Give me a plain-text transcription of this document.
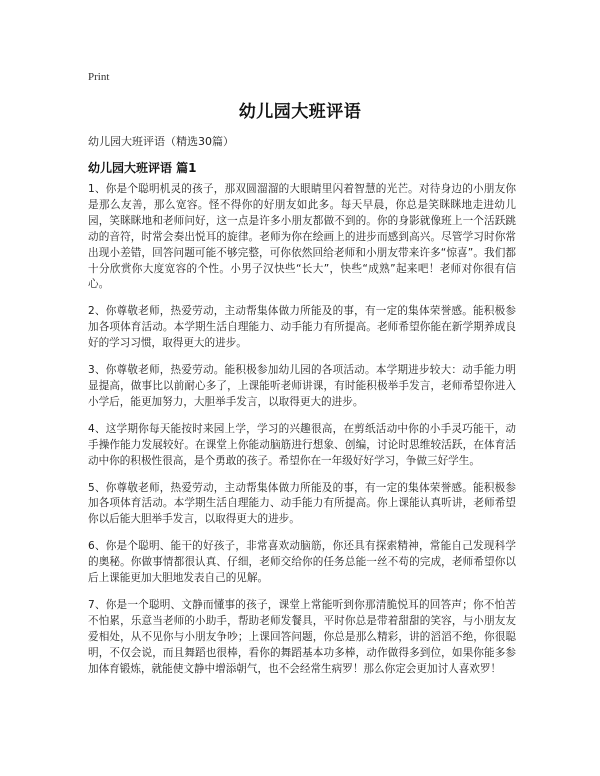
Print
幼儿园大班评语
幼儿园大班评语（精选30篇）
幼儿园大班评语 篇1

1、你是个聪明机灵的孩子，那双圆溜溜的大眼睛里闪着智慧的光芒。对待身边的小朋友你是那么友善，那么宽容。怪不得你的好朋友如此多。每天早晨，你总是笑眯眯地走进幼儿园，笑眯眯地和老师问好，这一点是许多小朋友都做不到的。你的身影就像班上一个活跃跳动的音符，时常会奏出悦耳的旋律。老师为你在绘画上的进步而感到高兴。尽管学习时你常出现小差错，回答问题可能不够完整，可你依然回给老师和小朋友带来许多“惊喜”。我们都十分欣赏你大度宽容的个性。小男子汉快些“长大”，快些“成熟”起来吧！老师对你很有信心。

2、你尊敬老师，热爱劳动，主动帮集体做力所能及的事，有一定的集体荣誉感。能积极参加各项体育活动。本学期生活自理能力、动手能力有所提高。老师希望你能在新学期养成良好的学习习惯，取得更大的进步。

3、你尊敬老师，热爱劳动。能积极参加幼儿园的各项活动。本学期进步较大：动手能力明显提高，做事比以前耐心多了，上课能听老师讲课，有时能积极举手发言，老师希望你进入小学后，能更加努力，大胆举手发言，以取得更大的进步。

4、这学期你每天能按时来园上学，学习的兴趣很高，在剪纸活动中你的小手灵巧能干，动手操作能力发展较好。在课堂上你能动脑筋进行想象、创编，讨论时思维较活跃，在体育活动中你的积极性很高，是个勇敢的孩子。希望你在一年级好好学习，争做三好学生。

5、你尊敬老师，热爱劳动，主动帮集体做力所能及的事，有一定的集体荣誉感。能积极参加各项体育活动。本学期生活自理能力、动手能力有所提高。你上课能认真听讲，老师希望你以后能大胆举手发言，以取得更大的进步。

6、你是个聪明、能干的好孩子，非常喜欢动脑筋，你还具有探索精神，常能自己发现科学的奥秘。你做事情都很认真、仔细，老师交给你的任务总能一丝不苟的完成，老师希望你以后上课能更加大胆地发表自己的见解。

7、你是一个聪明、文静而懂事的孩子，课堂上常能听到你那清脆悦耳的回答声；你不怕苦不怕累，乐意当老师的小助手，帮助老师发餐具，平时你总是带着甜甜的笑容，与小朋友友爱相处，从不见你与小朋友争吵；上课回答问题，你总是那么精彩，讲的滔滔不绝，你很聪明，不仅会说，而且舞蹈也很棒，看你的舞蹈基本功多棒，动作做得多到位，如果你能多参加体育锻炼，就能使文静中增添朝气，也不会经常生病罗！那么你定会更加讨人喜欢罗！
